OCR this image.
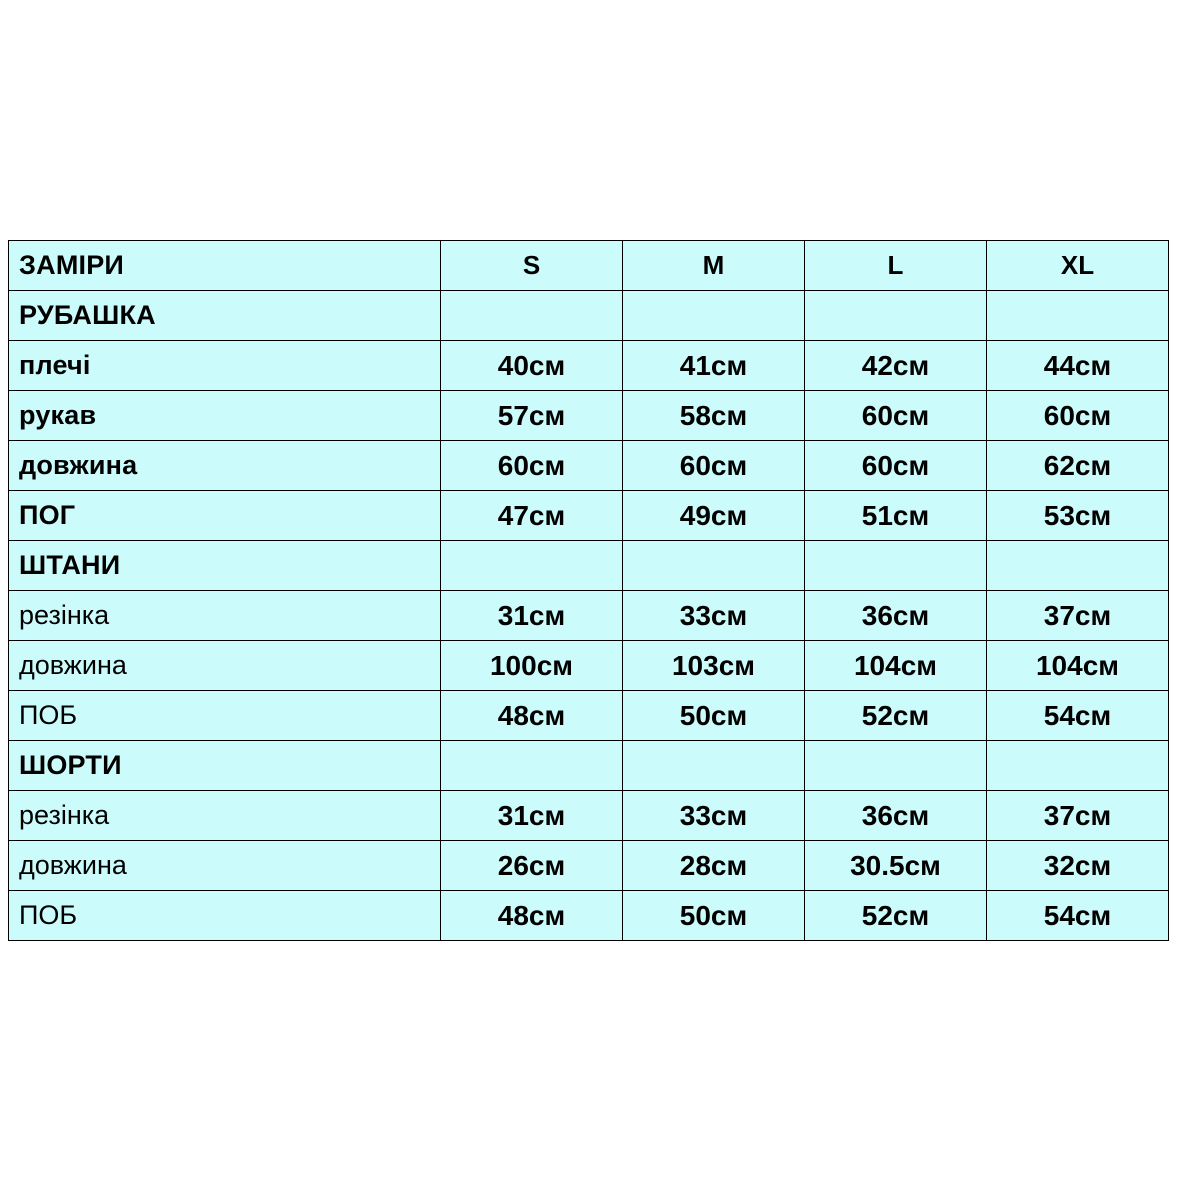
ЗАМІРИ	S	M	L	XL
РУБАШКА				
плечі	40см	41см	42см	44см
рукав	57см	58см	60см	60см
довжина	60см	60см	60см	62см
ПОГ	47см	49см	51см	53см
ШТАНИ				
резінка	31см	33см	36см	37см
довжина	100см	103см	104см	104см
ПОБ	48см	50см	52см	54см
ШОРТИ				
резінка	31см	33см	36см	37см
довжина	26см	28см	30.5см	32см
ПОБ	48см	50см	52см	54см
